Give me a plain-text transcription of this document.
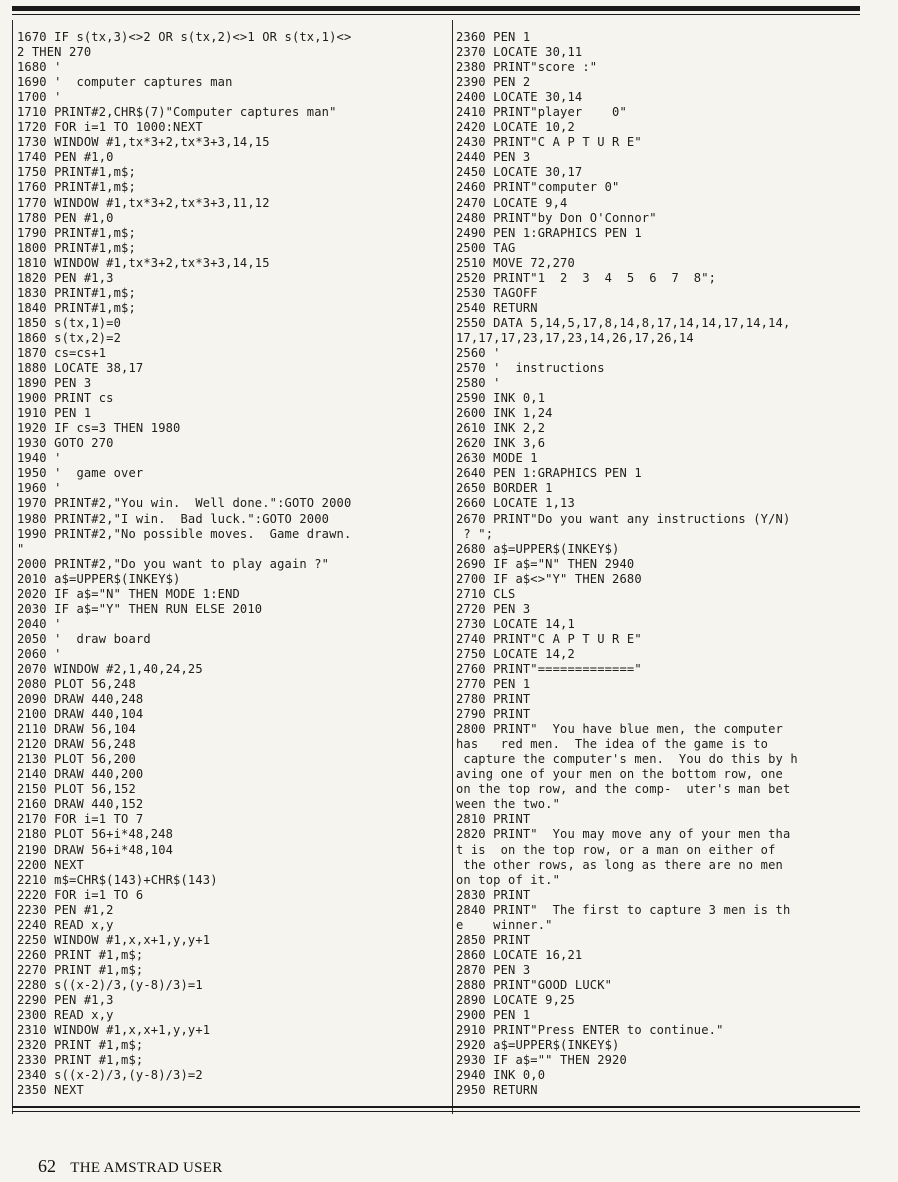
1670 IF s(tx,3)<>2 OR s(tx,2)<>1 OR s(tx,1)<>
2 THEN 270
1680 '
1690 '  computer captures man
1700 '
1710 PRINT#2,CHR$(7)"Computer captures man"
1720 FOR i=1 TO 1000:NEXT
1730 WINDOW #1,tx*3+2,tx*3+3,14,15
1740 PEN #1,0
1750 PRINT#1,m$;
1760 PRINT#1,m$;
1770 WINDOW #1,tx*3+2,tx*3+3,11,12
1780 PEN #1,0
1790 PRINT#1,m$;
1800 PRINT#1,m$;
1810 WINDOW #1,tx*3+2,tx*3+3,14,15
1820 PEN #1,3
1830 PRINT#1,m$;
1840 PRINT#1,m$;
1850 s(tx,1)=0
1860 s(tx,2)=2
1870 cs=cs+1
1880 LOCATE 38,17
1890 PEN 3
1900 PRINT cs
1910 PEN 1
1920 IF cs=3 THEN 1980
1930 GOTO 270
1940 '
1950 '  game over
1960 '
1970 PRINT#2,"You win.  Well done.":GOTO 2000
1980 PRINT#2,"I win.  Bad luck.":GOTO 2000
1990 PRINT#2,"No possible moves.  Game drawn.
"
2000 PRINT#2,"Do you want to play again ?"
2010 a$=UPPER$(INKEY$)
2020 IF a$="N" THEN MODE 1:END
2030 IF a$="Y" THEN RUN ELSE 2010
2040 '
2050 '  draw board
2060 '
2070 WINDOW #2,1,40,24,25
2080 PLOT 56,248
2090 DRAW 440,248
2100 DRAW 440,104
2110 DRAW 56,104
2120 DRAW 56,248
2130 PLOT 56,200
2140 DRAW 440,200
2150 PLOT 56,152
2160 DRAW 440,152
2170 FOR i=1 TO 7
2180 PLOT 56+i*48,248
2190 DRAW 56+i*48,104
2200 NEXT
2210 m$=CHR$(143)+CHR$(143)
2220 FOR i=1 TO 6
2230 PEN #1,2
2240 READ x,y
2250 WINDOW #1,x,x+1,y,y+1
2260 PRINT #1,m$;
2270 PRINT #1,m$;
2280 s((x-2)/3,(y-8)/3)=1
2290 PEN #1,3
2300 READ x,y
2310 WINDOW #1,x,x+1,y,y+1
2320 PRINT #1,m$;
2330 PRINT #1,m$;
2340 s((x-2)/3,(y-8)/3)=2
2350 NEXT
2360 PEN 1
2370 LOCATE 30,11
2380 PRINT"score :"
2390 PEN 2
2400 LOCATE 30,14
2410 PRINT"player    0"
2420 LOCATE 10,2
2430 PRINT"C A P T U R E"
2440 PEN 3
2450 LOCATE 30,17
2460 PRINT"computer 0"
2470 LOCATE 9,4
2480 PRINT"by Don O'Connor"
2490 PEN 1:GRAPHICS PEN 1
2500 TAG
2510 MOVE 72,270
2520 PRINT"1  2  3  4  5  6  7  8";
2530 TAGOFF
2540 RETURN
2550 DATA 5,14,5,17,8,14,8,17,14,14,17,14,14,
17,17,17,23,17,23,14,26,17,26,14
2560 '
2570 '  instructions
2580 '
2590 INK 0,1
2600 INK 1,24
2610 INK 2,2
2620 INK 3,6
2630 MODE 1
2640 PEN 1:GRAPHICS PEN 1
2650 BORDER 1
2660 LOCATE 1,13
2670 PRINT"Do you want any instructions (Y/N)
? ";
2680 a$=UPPER$(INKEY$)
2690 IF a$="N" THEN 2940
2700 IF a$<>"Y" THEN 2680
2710 CLS
2720 PEN 3
2730 LOCATE 14,1
2740 PRINT"C A P T U R E"
2750 LOCATE 14,2
2760 PRINT"============="
2770 PEN 1
2780 PRINT
2790 PRINT
2800 PRINT"  You have blue men, the computer
has   red men.  The idea of the game is to
capture the computer's men.  You do this by h
aving one of your men on the bottom row, one
on the top row, and the comp-  uter's man bet
ween the two."
2810 PRINT
2820 PRINT"  You may move any of your men tha
t is  on the top row, or a man on either of
the other rows, as long as there are no men
on top of it."
2830 PRINT
2840 PRINT"  The first to capture 3 men is th
e    winner."
2850 PRINT
2860 LOCATE 16,21
2870 PEN 3
2880 PRINT"GOOD LUCK"
2890 LOCATE 9,25
2900 PEN 1
2910 PRINT"Press ENTER to continue."
2920 a$=UPPER$(INKEY$)
2930 IF a$="" THEN 2920
2940 INK 0,0
2950 RETURN
62 THE AMSTRAD USER
